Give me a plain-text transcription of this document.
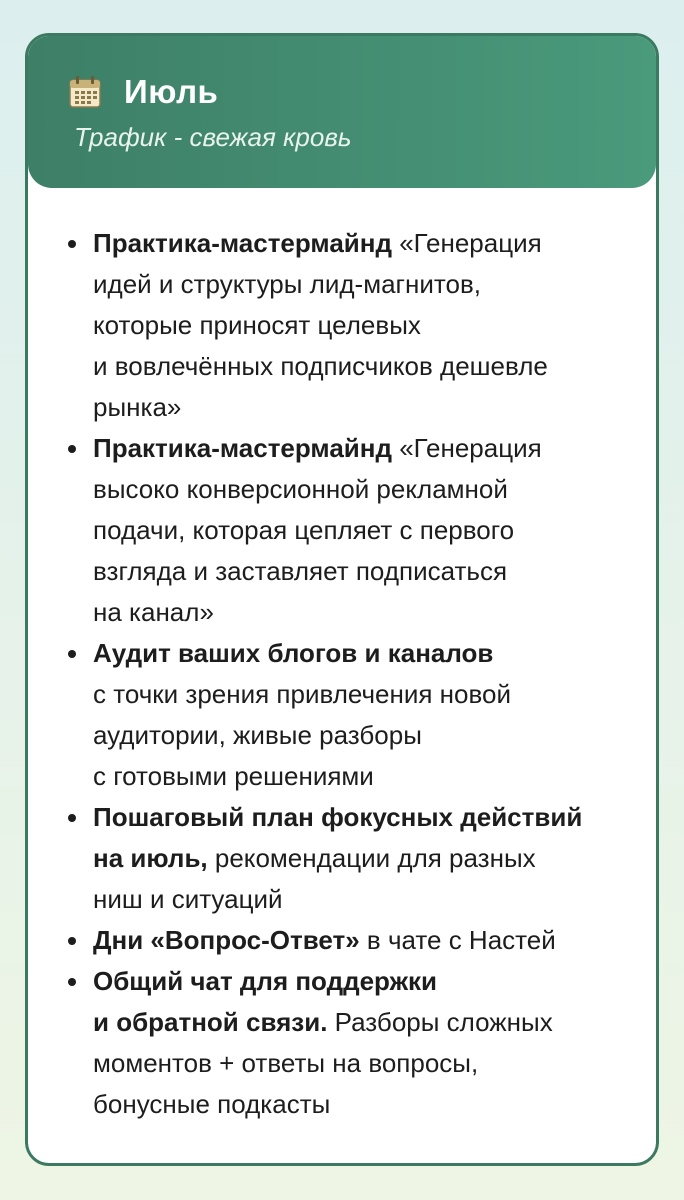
Июль
Трафик - свежая кровь
Практика-мастермайнд «Генерация
идей и структуры лид-магнитов,
которые приносят целевых
и вовлечённых подписчиков дешевле
рынка»
Практика-мастермайнд «Генерация
высоко конверсионной рекламной
подачи, которая цепляет с первого
взгляда и заставляет подписаться
на канал»
Аудит ваших блогов и каналов
с точки зрения привлечения новой
аудитории, живые разборы
с готовыми решениями
Пошаговый план фокусных действий
на июль, рекомендации для разных
ниш и ситуаций
Дни «Вопрос-Ответ» в чате с Настей
Общий чат для поддержки
и обратной связи. Разборы сложных
моментов + ответы на вопросы,
бонусные подкасты
